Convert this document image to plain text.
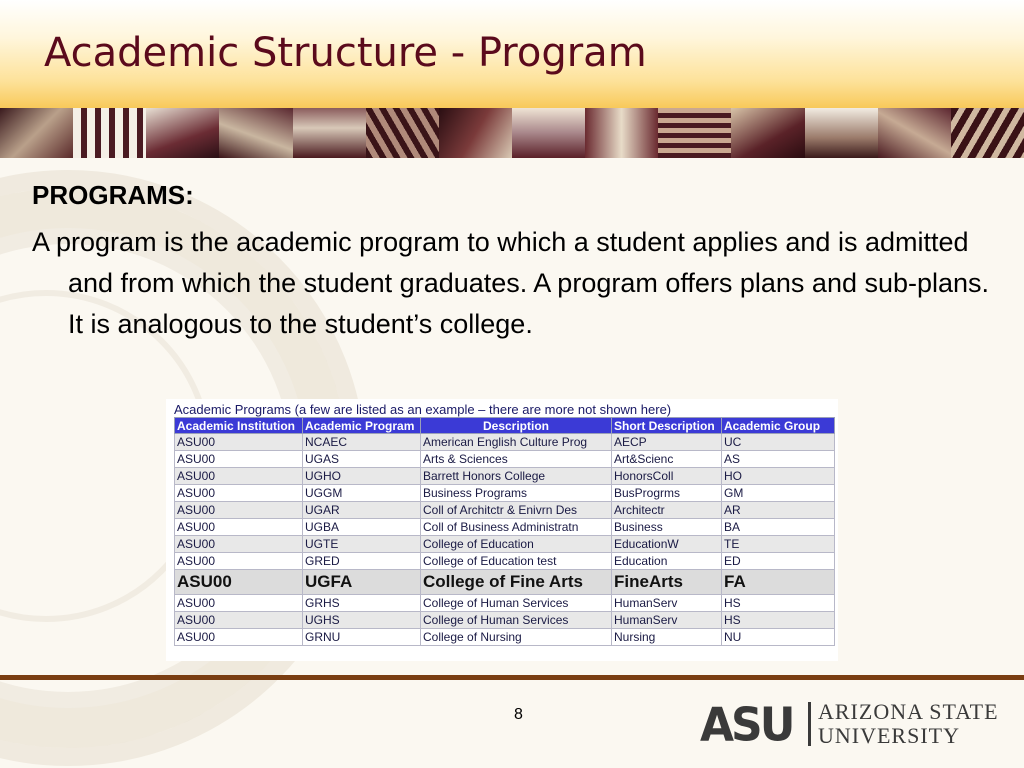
Academic Structure - Program
PROGRAMS:
A program is the academic program to which a student applies and is admitted and from which the student graduates. A program offers plans and sub-plans. It is analogous to the student’s college.
Academic Programs (a few are listed as an example – there are more not shown here)
Academic Institution	Academic Program	Description	Short Description	Academic Group
ASU00	NCAEC	American English Culture Prog	AECP	UC
ASU00	UGAS	Arts & Sciences	Art&Scienc	AS
ASU00	UGHO	Barrett Honors College	HonorsColl	HO
ASU00	UGGM	Business Programs	BusProgrms	GM
ASU00	UGAR	Coll of Architctr & Enivrn Des	Architectr	AR
ASU00	UGBA	Coll of Business Administratn	Business	BA
ASU00	UGTE	College of Education	EducationW	TE
ASU00	GRED	College of Education test	Education	ED
ASU00	UGFA	College of Fine Arts	FineArts	FA
ASU00	GRHS	College of Human Services	HumanServ	HS
ASU00	UGHS	College of Human Services	HumanServ	HS
ASU00	GRNU	College of Nursing	Nursing	NU
8	ASU ARIZONA STATE
UNIVERSITY
